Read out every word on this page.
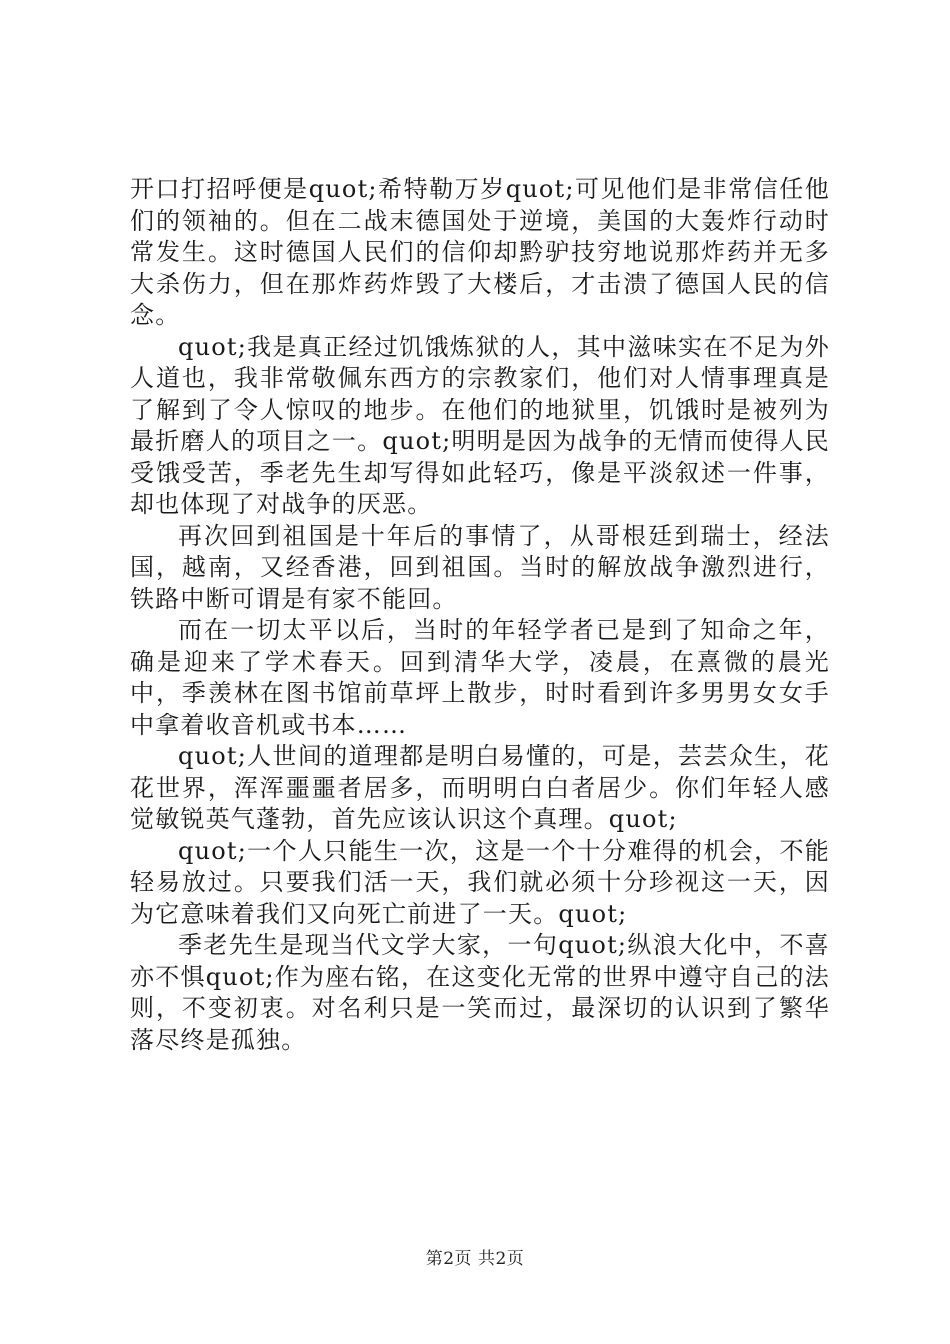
开口打招呼便是quot;希特勒万岁quot;可见他们是非常信任他们的领袖的。但在二战末德国处于逆境，美国的大轰炸行动时常发生。这时德国人民们的信仰却黔驴技穷地说那炸药并无多大杀伤力，但在那炸药炸毁了大楼后，才击溃了德国人民的信念。

quot;我是真正经过饥饿炼狱的人，其中滋味实在不足为外人道也，我非常敬佩东西方的宗教家们，他们对人情事理真是了解到了令人惊叹的地步。在他们的地狱里，饥饿时是被列为最折磨人的项目之一。quot;明明是因为战争的无情而使得人民受饿受苦，季老先生却写得如此轻巧，像是平淡叙述一件事，却也体现了对战争的厌恶。

再次回到祖国是十年后的事情了，从哥根廷到瑞士，经法国，越南，又经香港，回到祖国。当时的解放战争激烈进行，铁路中断可谓是有家不能回。

而在一切太平以后，当时的年轻学者已是到了知命之年，确是迎来了学术春天。回到清华大学，凌晨，在熹微的晨光中，季羡林在图书馆前草坪上散步，时时看到许多男男女女手中拿着收音机或书本……

quot;人世间的道理都是明白易懂的，可是，芸芸众生，花花世界，浑浑噩噩者居多，而明明白白者居少。你们年轻人感觉敏锐英气蓬勃，首先应该认识这个真理。quot;

quot;一个人只能生一次，这是一个十分难得的机会，不能轻易放过。只要我们活一天，我们就必须十分珍视这一天，因为它意味着我们又向死亡前进了一天。quot;

季老先生是现当代文学大家，一句quot;纵浪大化中，不喜亦不惧quot;作为座右铭，在这变化无常的世界中遵守自己的法则，不变初衷。对名利只是一笑而过，最深切的认识到了繁华落尽终是孤独。

第2页 共2页
